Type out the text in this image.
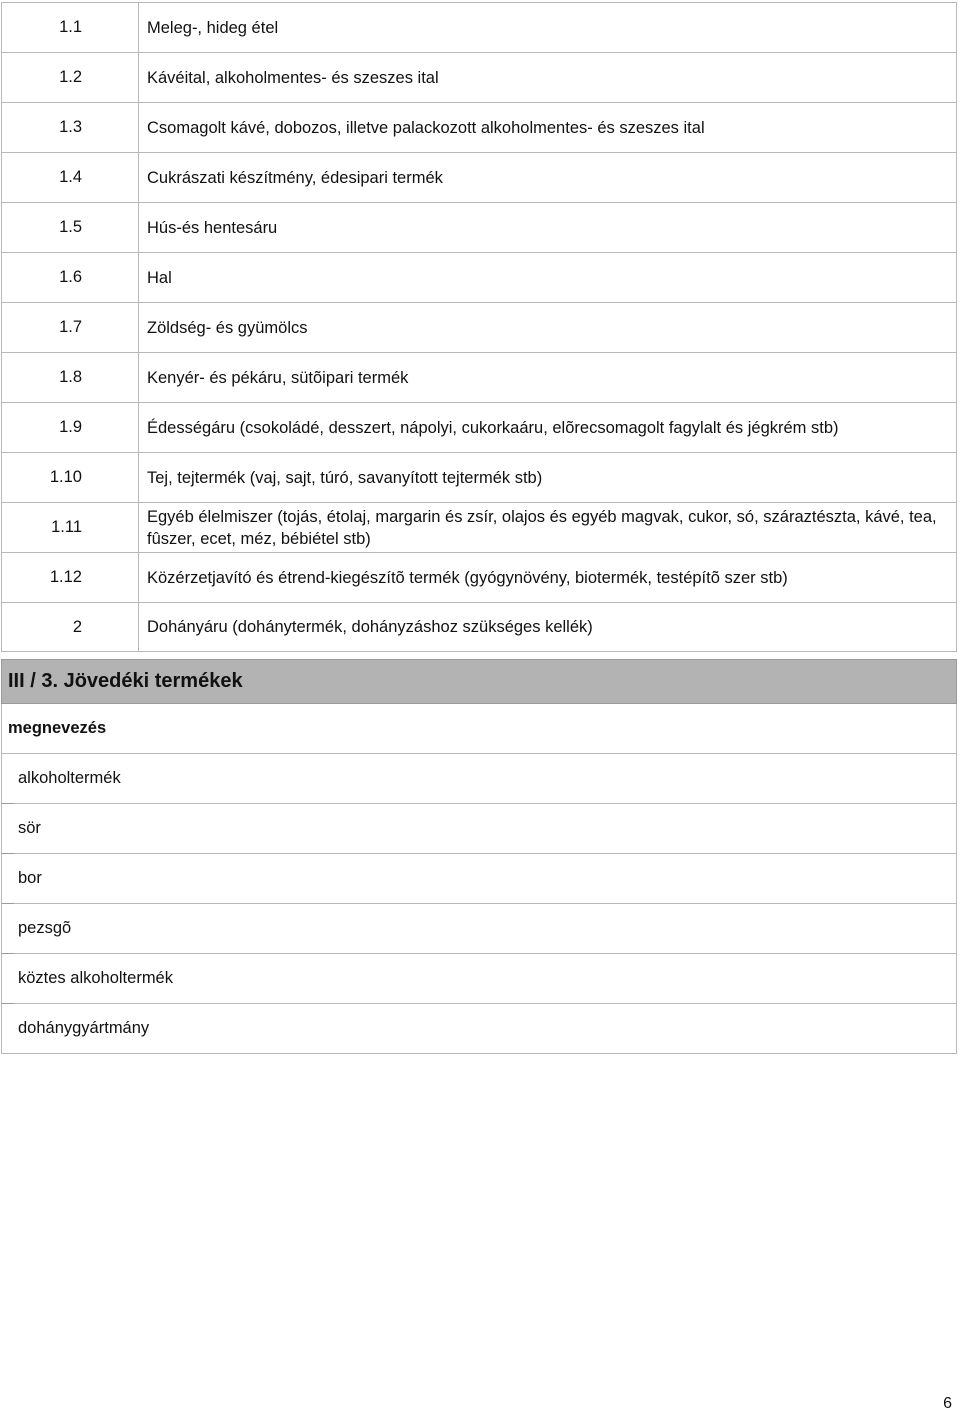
1.1	Meleg-, hideg étel
1.2	Kávéital, alkoholmentes- és szeszes ital
1.3	Csomagolt kávé, dobozos, illetve palackozott alkoholmentes- és szeszes ital
1.4	Cukrászati készítmény, édesipari termék
1.5	Hús-és hentesáru
1.6	Hal
1.7	Zöldség- és gyümölcs
1.8	Kenyér- és pékáru, sütõipari termék
1.9	Édességáru (csokoládé, desszert, nápolyi, cukorkaáru, elõrecsomagolt fagylalt és jégkrém stb)
1.10	Tej, tejtermék (vaj, sajt, túró, savanyított tejtermék stb)
1.11	Egyéb élelmiszer (tojás, étolaj, margarin és zsír, olajos és egyéb magvak, cukor, só, száraztészta, kávé, tea, fûszer, ecet, méz, bébiétel stb)
1.12	Közérzetjavító és étrend-kiegészítõ termék (gyógynövény, biotermék, testépítõ szer stb)
2	Dohányáru (dohánytermék, dohányzáshoz szükséges kellék)
III / 3. Jövedéki termékek
megnevezés
alkoholtermék

sör

bor

pezsgõ

köztes alkoholtermék

dohánygyártmány
6
